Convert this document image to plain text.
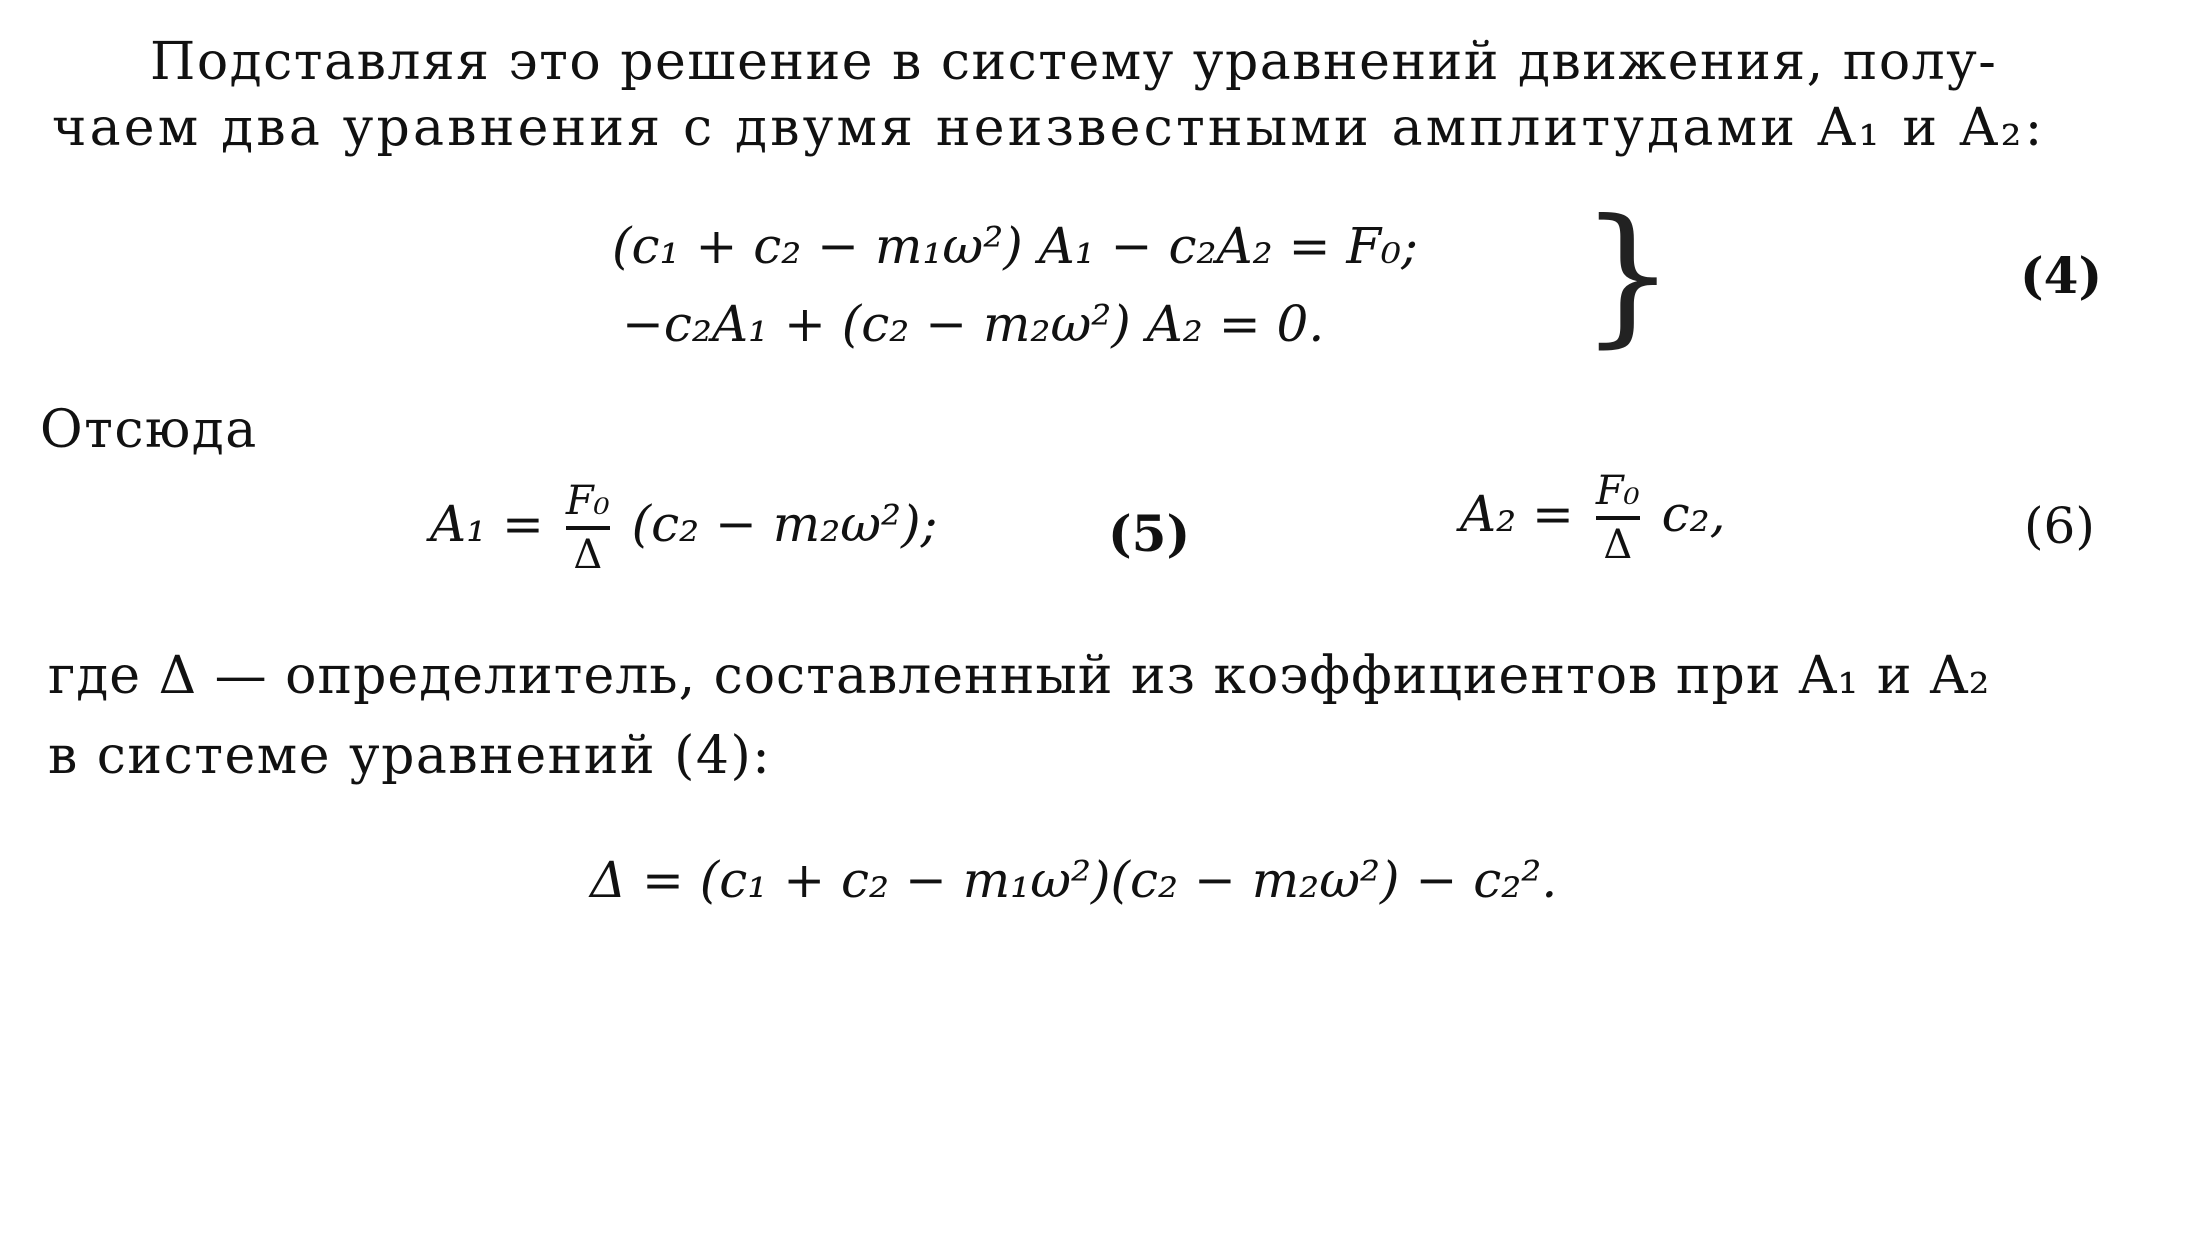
Подставляя это решение в систему уравнений движения, полу-
чаем два уравнения с двумя неизвестными амплитудами A₁ и A₂:
(c₁ + c₂ − m₁ω²) A₁ − c₂A₂ = F₀;
−c₂A₁ + (c₂ − m₂ω²) A₂ = 0. }	(4)
Отсюда
$A_1 = \frac{\text{F₀}}{\Delta} (c_2 - m_2\omega^2)$;	(5)	$A_2 = \frac{\text{F₀}}{\Delta} c_2$,	(6)
где Δ — определитель, составленный из коэффициентов при A₁ и A₂
в системе уравнений (4):
Δ = (c₁ + c₂ − m₁ω²)(c₂ − m₂ω²) − c₂².
